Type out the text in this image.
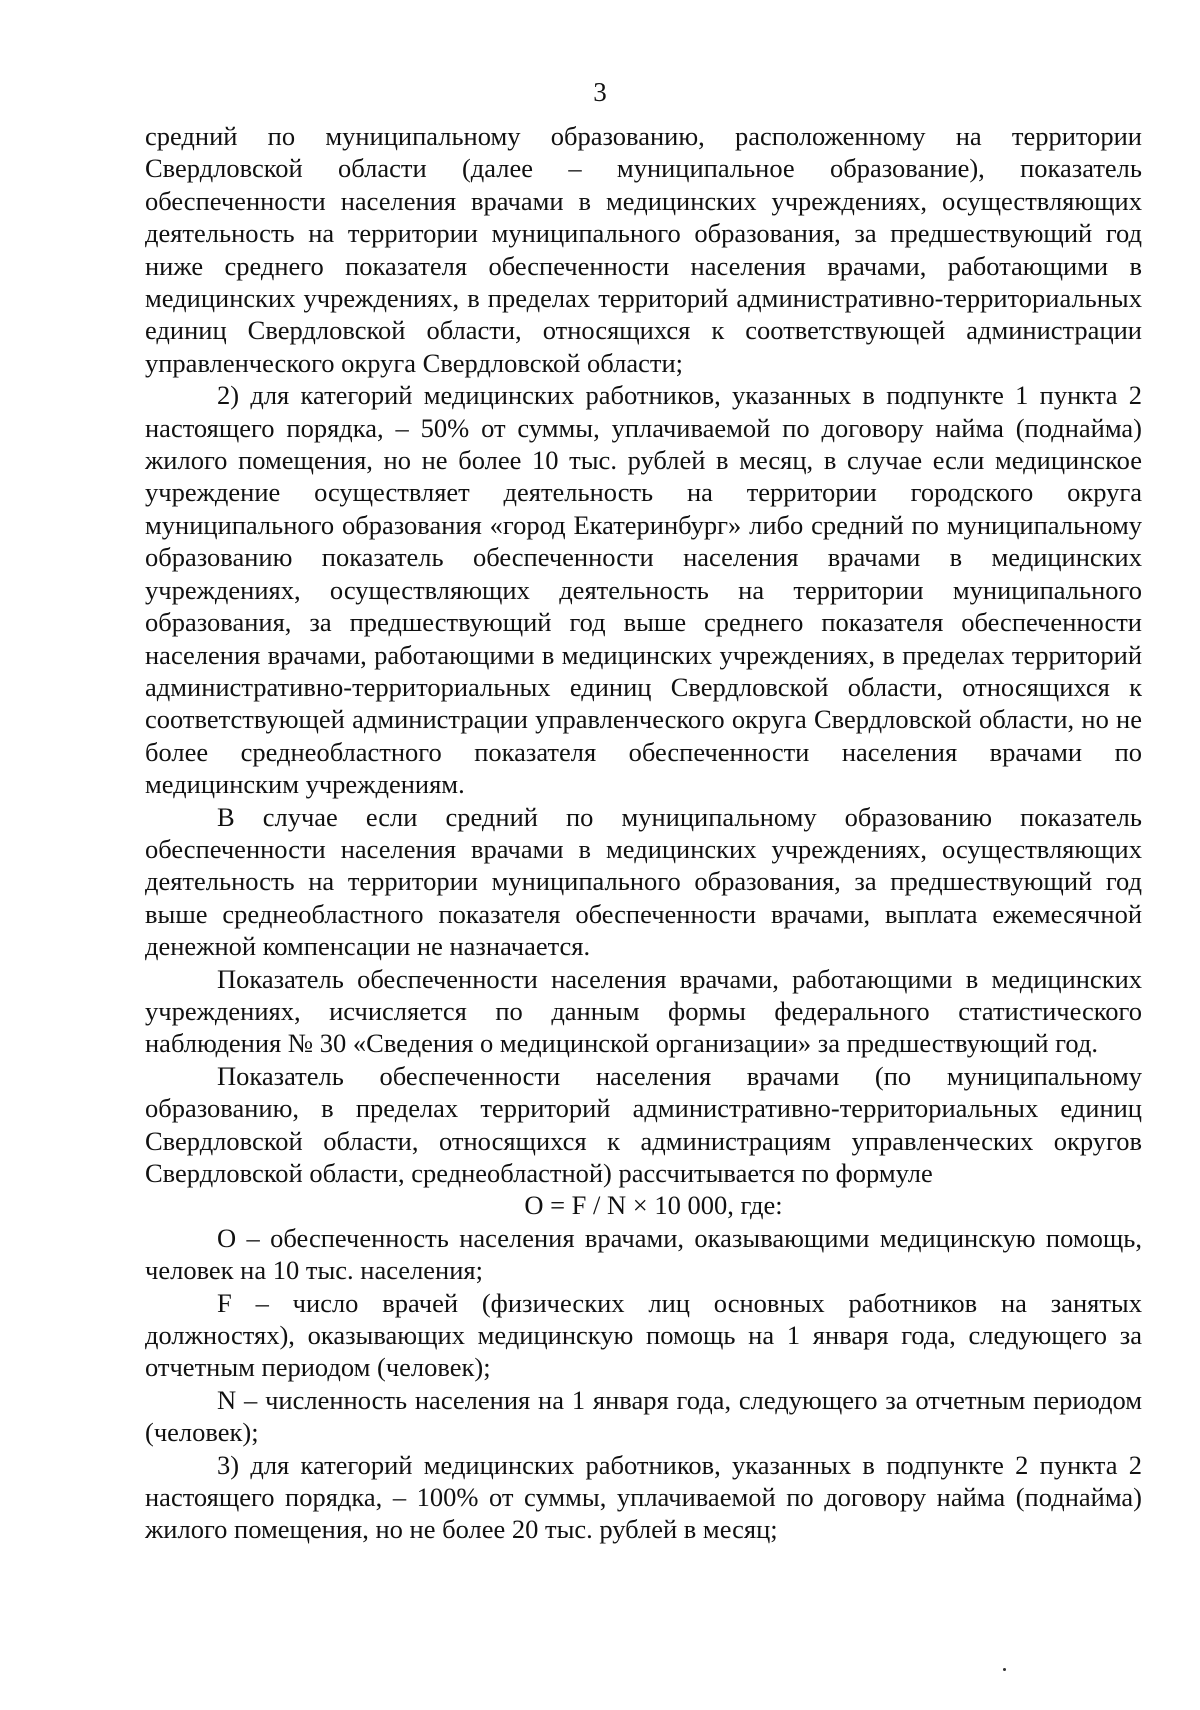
3

средний по муниципальному образованию, расположенному на территории Свердловской области (далее – муниципальное образование), показатель обеспеченности населения врачами в медицинских учреждениях, осуществляющих деятельность на территории муниципального образования, за предшествующий год ниже среднего показателя обеспеченности населения врачами, работающими в медицинских учреждениях, в пределах территорий административно-территориальных единиц Свердловской области, относящихся к соответствующей администрации управленческого округа Свердловской области;

2) для категорий медицинских работников, указанных в подпункте 1 пункта 2 настоящего порядка, – 50% от суммы, уплачиваемой по договору найма (поднайма) жилого помещения, но не более 10 тыс. рублей в месяц, в случае если медицинское учреждение осуществляет деятельность на территории городского округа муниципального образования «город Екатеринбург» либо средний по муниципальному образованию показатель обеспеченности населения врачами в медицинских учреждениях, осуществляющих деятельность на территории муниципального образования, за предшествующий год выше среднего показателя обеспеченности населения врачами, работающими в медицинских учреждениях, в пределах территорий административно-территориальных единиц Свердловской области, относящихся к соответствующей администрации управленческого округа Свердловской области, но не более среднеобластного показателя обеспеченности населения врачами по медицинским учреждениям.

В случае если средний по муниципальному образованию показатель обеспеченности населения врачами в медицинских учреждениях, осуществляющих деятельность на территории муниципального образования, за предшествующий год выше среднеобластного показателя обеспеченности врачами, выплата ежемесячной денежной компенсации не назначается.

Показатель обеспеченности населения врачами, работающими в медицинских учреждениях, исчисляется по данным формы федерального статистического наблюдения № 30 «Сведения о медицинской организации» за предшествующий год.

Показатель обеспеченности населения врачами (по муниципальному образованию, в пределах территорий административно-территориальных единиц Свердловской области, относящихся к администрациям управленческих округов Свердловской области, среднеобластной) рассчитывается по формуле

O = F / N × 10 000, где:

O – обеспеченность населения врачами, оказывающими медицинскую помощь, человек на 10 тыс. населения;

F – число врачей (физических лиц основных работников на занятых должностях), оказывающих медицинскую помощь на 1 января года, следующего за отчетным периодом (человек);

N – численность населения на 1 января года, следующего за отчетным периодом (человек);

3) для категорий медицинских работников, указанных в подпункте 2 пункта 2 настоящего порядка, – 100% от суммы, уплачиваемой по договору найма (поднайма) жилого помещения, но не более 20 тыс. рублей в месяц;
